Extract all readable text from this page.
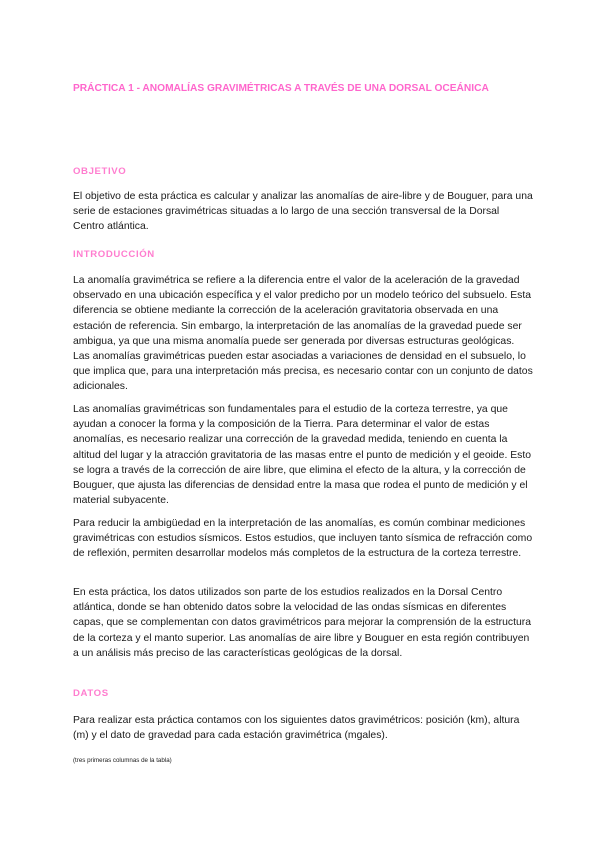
PRÁCTICA 1 - ANOMALÍAS GRAVIMÉTRICAS A TRAVÉS DE UNA DORSAL OCEÁNICA
OBJETIVO

El objetivo de esta práctica es calcular y analizar las anomalías de aire-libre y de Bouguer, para una serie de estaciones gravimétricas situadas a lo largo de una sección transversal de la Dorsal Centro atlántica.

INTRODUCCIÓN

La anomalía gravimétrica se refiere a la diferencia entre el valor de la aceleración de la gravedad observado en una ubicación específica y el valor predicho por un modelo teórico del subsuelo. Esta diferencia se obtiene mediante la corrección de la aceleración gravitatoria observada en una estación de referencia. Sin embargo, la interpretación de las anomalías de la gravedad puede ser ambigua, ya que una misma anomalía puede ser generada por diversas estructuras geológicas. Las anomalías gravimétricas pueden estar asociadas a variaciones de densidad en el subsuelo, lo que implica que, para una interpretación más precisa, es necesario contar con un conjunto de datos adicionales.

Las anomalías gravimétricas son fundamentales para el estudio de la corteza terrestre, ya que ayudan a conocer la forma y la composición de la Tierra. Para determinar el valor de estas anomalías, es necesario realizar una corrección de la gravedad medida, teniendo en cuenta la altitud del lugar y la atracción gravitatoria de las masas entre el punto de medición y el geoide. Esto se logra a través de la corrección de aire libre, que elimina el efecto de la altura, y la corrección de Bouguer, que ajusta las diferencias de densidad entre la masa que rodea el punto de medición y el material subyacente.

Para reducir la ambigüedad en la interpretación de las anomalías, es común combinar mediciones gravimétricas con estudios sísmicos. Estos estudios, que incluyen tanto sísmica de refracción como de reflexión, permiten desarrollar modelos más completos de la estructura de la corteza terrestre.

En esta práctica, los datos utilizados son parte de los estudios realizados en la Dorsal Centro atlántica, donde se han obtenido datos sobre la velocidad de las ondas sísmicas en diferentes capas, que se complementan con datos gravimétricos para mejorar la comprensión de la estructura de la corteza y el manto superior. Las anomalías de aire libre y Bouguer en esta región contribuyen a un análisis más preciso de las características geológicas de la dorsal.

DATOS

Para realizar esta práctica contamos con los siguientes datos gravimétricos: posición (km), altura (m) y el dato de gravedad para cada estación gravimétrica (mgales).

(tres primeras columnas de la tabla)
